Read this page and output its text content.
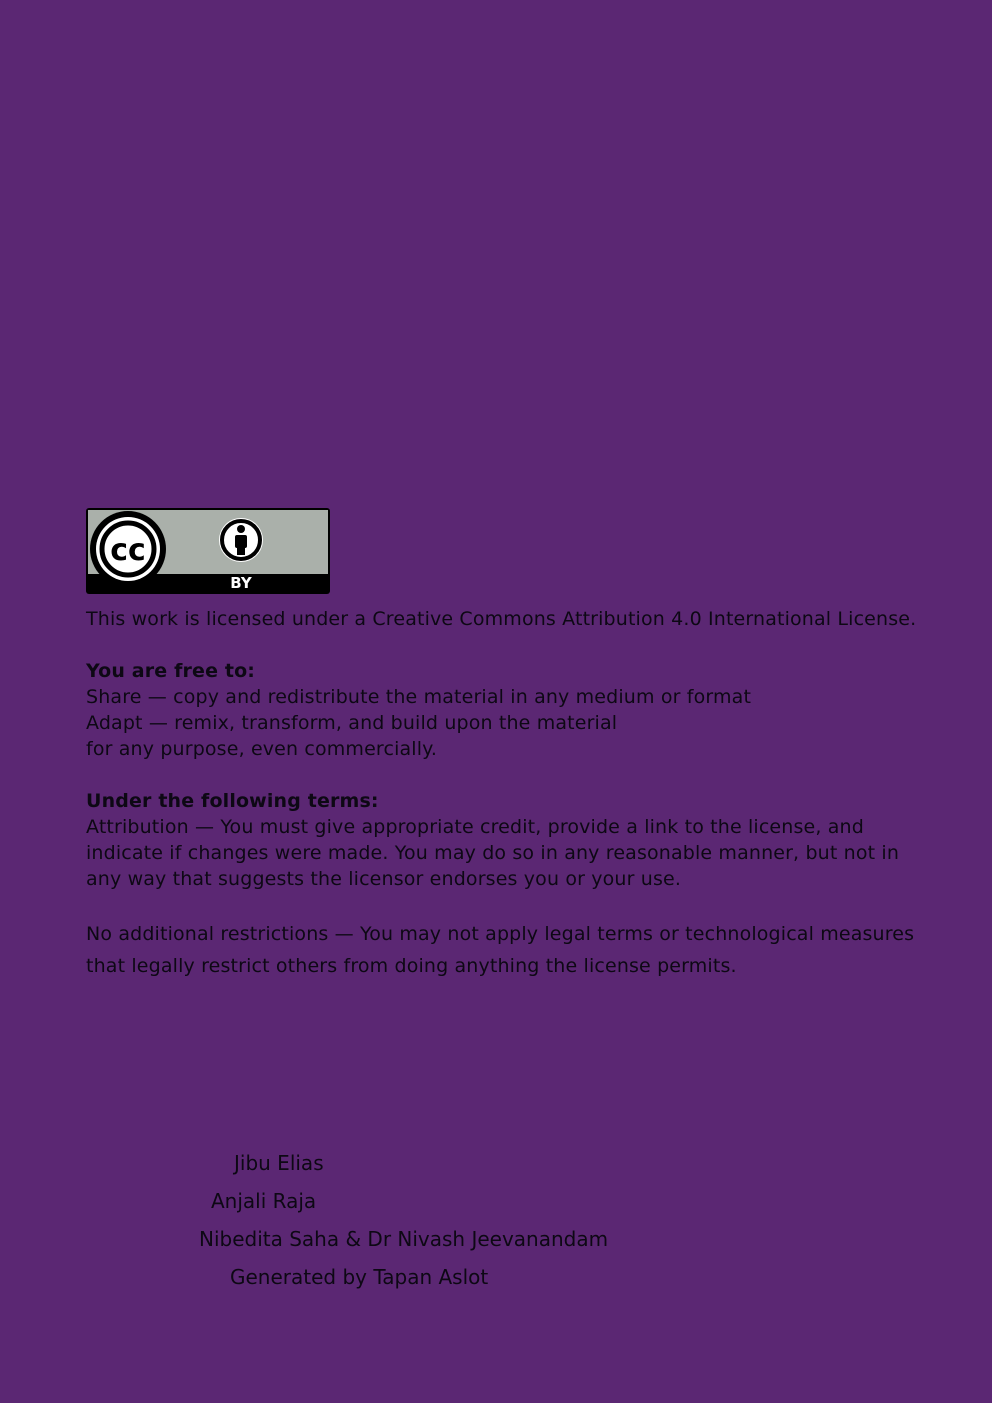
cc
BY

This work is licensed under a Creative Commons Attribution 4.0 International License.

You are free to:

Share — copy and redistribute the material in any medium or format

Adapt — remix, transform, and build upon the material

for any purpose, even commercially.

Under the following terms:

Attribution — You must give appropriate credit, provide a link to the license, and

indicate if changes were made. You may do so in any reasonable manner, but not in

any way that suggests the licensor endorses you or your use.

No additional restrictions — You may not apply legal terms or technological measures

that legally restrict others from doing anything the license permits.

Jibu Elias
Anjali Raja
Nibedita Saha & Dr Nivash Jeevanandam
Generated by Tapan Aslot
